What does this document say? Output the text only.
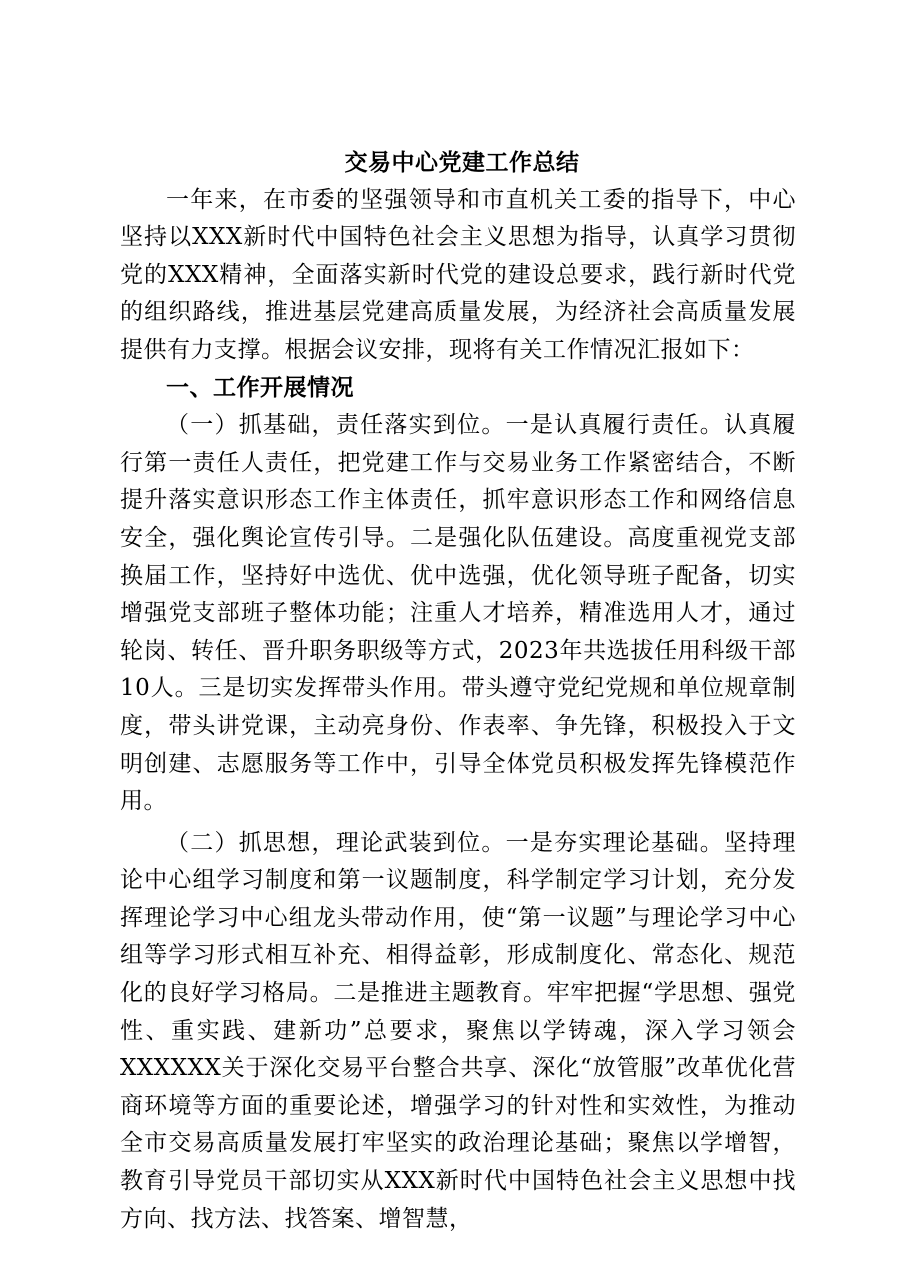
交易中心党建工作总结

一年来，在市委的坚强领导和市直机关工委的指导下，中心坚持以XXX新时代中国特色社会主义思想为指导，认真学习贯彻党的XXX精神，全面落实新时代党的建设总要求，践行新时代党的组织路线，推进基层党建高质量发展，为经济社会高质量发展提供有力支撑。根据会议安排，现将有关工作情况汇报如下：

一、工作开展情况

（一）抓基础，责任落实到位。一是认真履行责任。认真履行第一责任人责任，把党建工作与交易业务工作紧密结合，不断提升落实意识形态工作主体责任，抓牢意识形态工作和网络信息安全，强化舆论宣传引导。二是强化队伍建设。高度重视党支部换届工作，坚持好中选优、优中选强，优化领导班子配备，切实增强党支部班子整体功能；注重人才培养，精准选用人才，通过轮岗、转任、晋升职务职级等方式，2023年共选拔任用科级干部10人。三是切实发挥带头作用。带头遵守党纪党规和单位规章制度，带头讲党课，主动亮身份、作表率、争先锋，积极投入于文明创建、志愿服务等工作中，引导全体党员积极发挥先锋模范作用。

（二）抓思想，理论武装到位。一是夯实理论基础。坚持理论中心组学习制度和第一议题制度，科学制定学习计划，充分发挥理论学习中心组龙头带动作用，使“第一议题”与理论学习中心组等学习形式相互补充、相得益彰，形成制度化、常态化、规范化的良好学习格局。二是推进主题教育。牢牢把握“学思想、强党性、重实践、建新功”总要求，聚焦以学铸魂，深入学习领会XXXXXX关于深化交易平台整合共享、深化“放管服”改革优化营商环境等方面的重要论述，增强学习的针对性和实效性，为推动全市交易高质量发展打牢坚实的政治理论基础；聚焦以学增智，教育引导党员干部切实从XXX新时代中国特色社会主义思想中找方向、找方法、找答案、增智慧，
